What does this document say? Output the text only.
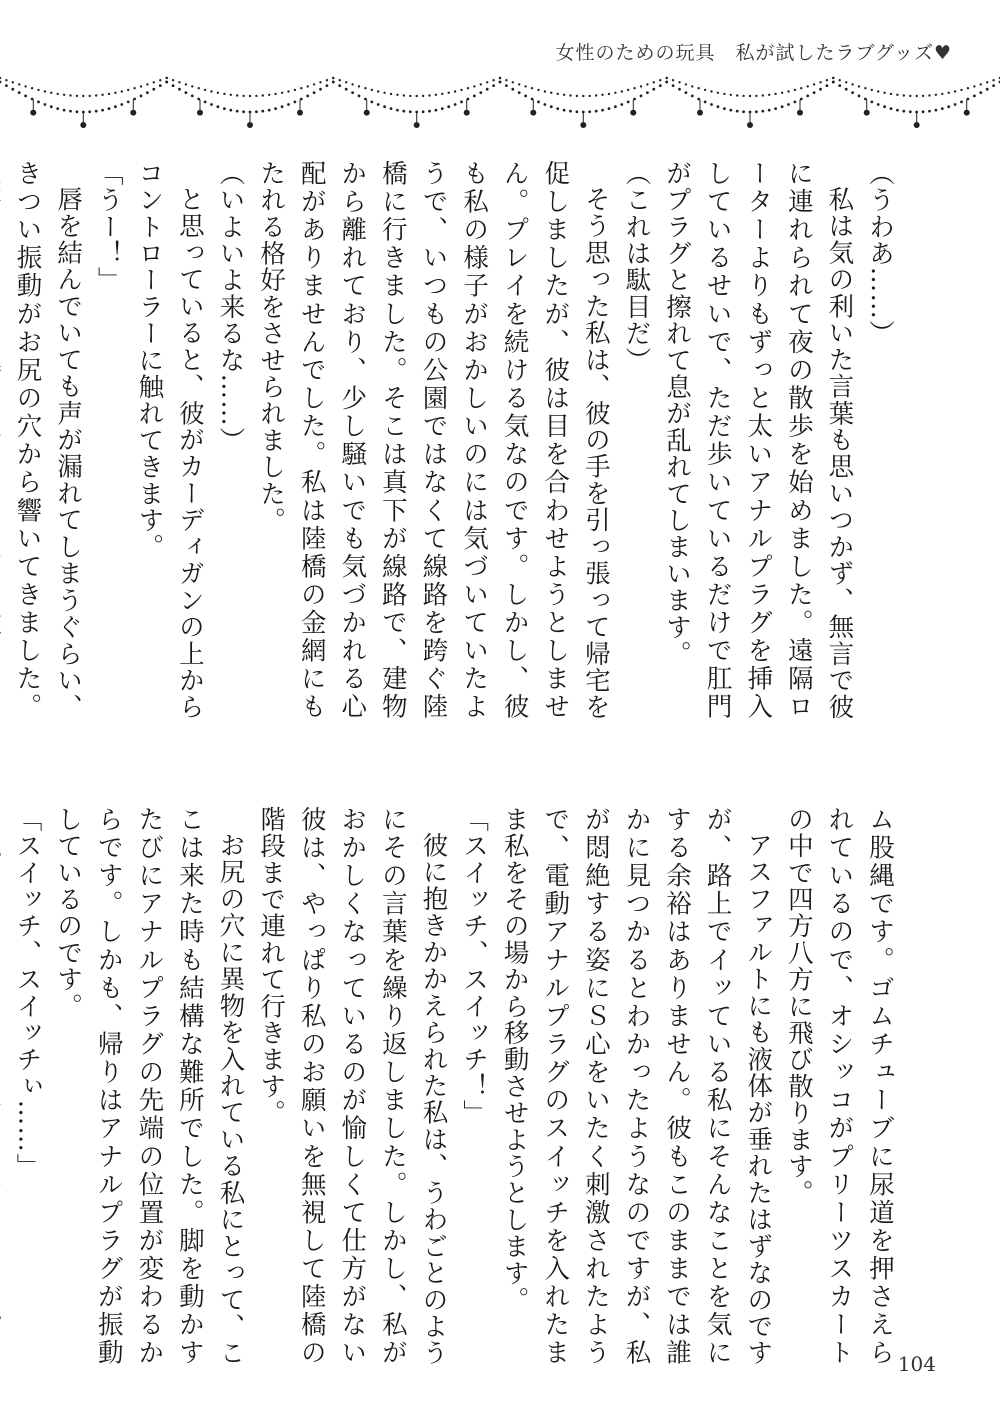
女性のための玩具　私が試したラブグッズ♥

（うわあ……）

私は気の利いた言葉も思いつかず、無言で彼に連れられて夜の散歩を始めました。遠隔ローターよりもずっと太いアナルプラグを挿入しているせいで、ただ歩いているだけで肛門がプラグと擦れて息が乱れてしまいます。

（これは駄目だ）

そう思った私は、彼の手を引っ張って帰宅を促しましたが、彼は目を合わせようとしません。プレイを続ける気なのです。しかし、彼も私の様子がおかしいのには気づいていたようで、いつもの公園ではなくて線路を跨ぐ陸橋に行きました。そこは真下が線路で、建物から離れており、少し騒いでも気づかれる心配がありませんでした。私は陸橋の金網にもたれる格好をさせられました。

（いよいよ来るな……）

と思っていると、彼がカーディガンの上からコントローラーに触れてきます。

「うー！」

唇を結んでいても声が漏れてしまうぐらい、きつい振動がお尻の穴から響いてきました。

ム股縄です。ゴムチューブに尿道を押さえられているので、オシッコがプリーツスカートの中で四方八方に飛び散ります。

アスファルトにも液体が垂れたはずなのですが、路上でイッている私にそんなことを気にする余裕はありません。彼もこのままでは誰かに見つかるとわかったようなのですが、私が悶絶する姿にＳ心をいたく刺激されたようで、電動アナルプラグのスイッチを入れたまま私をその場から移動させようとします。

「スイッチ、スイッチ！」

彼に抱きかかえられた私は、うわごとのようにその言葉を繰り返しました。しかし、私がおかしくなっているのが愉しくて仕方がない彼は、やっぱり私のお願いを無視して陸橋の階段まで連れて行きます。

お尻の穴に異物を入れている私にとって、ここは来た時も結構な難所でした。脚を動かすたびにアナルプラグの先端の位置が変わるからです。しかも、帰りはアナルプラグが振動しているのです。

「スイッチ、スイッチぃ……」

104
